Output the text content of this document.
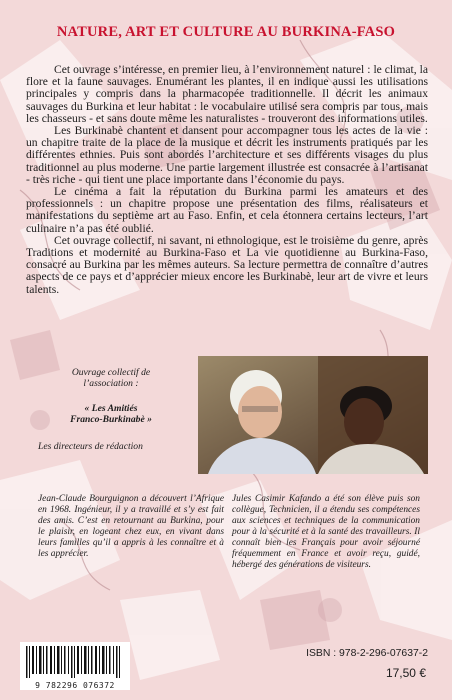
NATURE, ART ET CULTURE AU BURKINA-FASO

Cet ouvrage s’intéresse, en premier lieu, à l’environnement naturel : le climat, la flore et la faune sauvages. Enumérant les plantes, il en indique aussi les utilisations principales y compris dans la pharmacopée traditionnelle. Il décrit les animaux sauvages du Burkina et leur habitat : le vocabulaire utilisé sera compris par tous, mais les chasseurs - et sans doute même les naturalistes - trouveront des informations utiles.

Les Burkinabè chantent et dansent pour accompagner tous les actes de la vie : un chapitre traite de la place de la musique et décrit les instruments pratiqués par les différentes ethnies. Puis sont abordés l’architecture et ses différents visages du plus traditionnel au plus moderne. Une partie largement illustrée est consacrée à l’artisanat - très riche - qui tient une place importante dans l’économie du pays.

Le cinéma a fait la réputation du Burkina parmi les amateurs et des professionnels : un chapitre propose une présentation des films, réalisateurs et manifestations du septième art au Faso. Enfin, et cela étonnera certains lecteurs, l’art culinaire n’a pas été oublié.

Cet ouvrage collectif, ni savant, ni ethnologique, est le troisième du genre, après Traditions et modernité au Burkina-Faso et La vie quotidienne au Burkina-Faso, consacré au Burkina par les mêmes auteurs. Sa lecture permettra de connaître d’autres aspects de ce pays et d’apprécier mieux encore les Burkinabè, leur art de vivre et leurs talents.

Ouvrage collectif de
l’association :
« Les Amitiés
Franco-Burkinabè »
Les directeurs de rédaction
Jean-Claude Bourguignon a découvert l’Afrique en 1968. Ingénieur, il y a travaillé et s’y est fait des amis. C’est en retournant au Burkina, pour le plaisir, en logeant chez eux, en vivant dans leurs familles qu’il a appris à les connaître et à les apprécier.
Jules Casimir Kafando a été son élève puis son collègue, Technicien, il a étendu ses compétences aux sciences et techniques de la communication pour à la sécurité et à la santé des travailleurs. Il connaît bien les Français pour avoir séjourné fréquemment en France et avoir reçu, guidé, hébergé des générations de visiteurs.
9 782296 076372
ISBN : 978-2-296-07637-2
17,50 €
